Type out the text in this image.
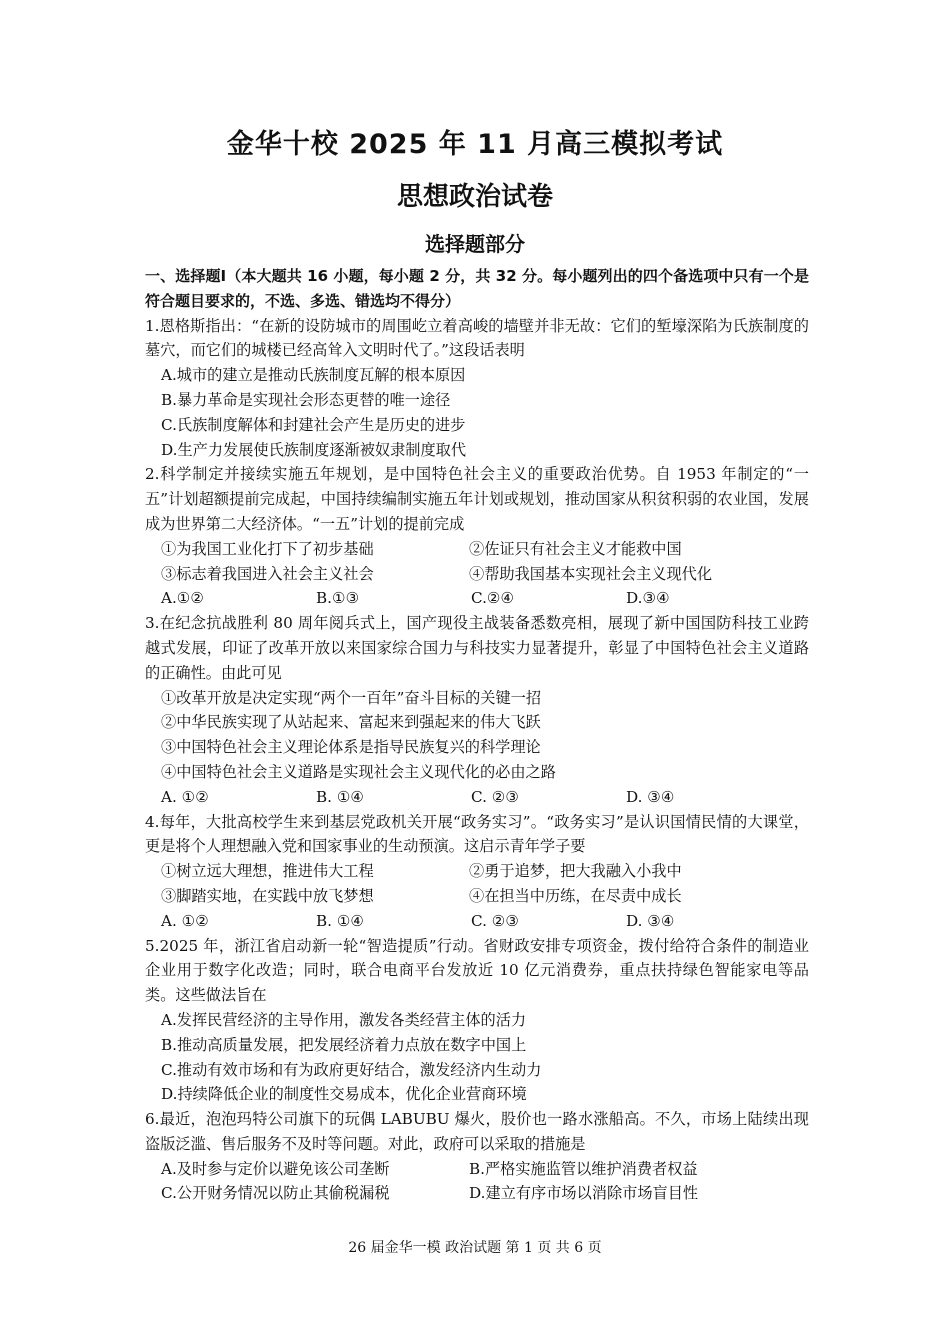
金华十校 2025 年 11 月高三模拟考试
思想政治试卷
选择题部分

一、选择题Ⅰ（本大题共 16 小题，每小题 2 分，共 32 分。每小题列出的四个备选项中只有一个是符合题目要求的，不选、多选、错选均不得分）

1.恩格斯指出：“在新的设防城市的周围屹立着高峻的墙壁并非无故：它们的堑壕深陷为氏族制度的墓穴，而它们的城楼已经高耸入文明时代了。”这段话表明

A.城市的建立是推动氏族制度瓦解的根本原因
B.暴力革命是实现社会形态更替的唯一途径
C.氏族制度解体和封建社会产生是历史的进步
D.生产力发展使氏族制度逐渐被奴隶制度取代

2.科学制定并接续实施五年规划，是中国特色社会主义的重要政治优势。自 1953 年制定的“一五”计划超额提前完成起，中国持续编制实施五年计划或规划，推动国家从积贫积弱的农业国，发展成为世界第二大经济体。“一五”计划的提前完成

①为我国工业化打下了初步基础	②佐证只有社会主义才能救中国
③标志着我国进入社会主义社会	④帮助我国基本实现社会主义现代化
A.①②	B.①③	C.②④	D.③④

3.在纪念抗战胜利 80 周年阅兵式上，国产现役主战装备悉数亮相，展现了新中国国防科技工业跨越式发展，印证了改革开放以来国家综合国力与科技实力显著提升，彰显了中国特色社会主义道路的正确性。由此可见

①改革开放是决定实现“两个一百年”奋斗目标的关键一招
②中华民族实现了从站起来、富起来到强起来的伟大飞跃
③中国特色社会主义理论体系是指导民族复兴的科学理论
④中国特色社会主义道路是实现社会主义现代化的必由之路
A. ①②	B. ①④	C. ②③	D. ③④

4.每年，大批高校学生来到基层党政机关开展“政务实习”。“政务实习”是认识国情民情的大课堂，更是将个人理想融入党和国家事业的生动预演。这启示青年学子要

①树立远大理想，推进伟大工程	②勇于追梦，把大我融入小我中
③脚踏实地，在实践中放飞梦想	④在担当中历练，在尽责中成长
A. ①②	B. ①④	C. ②③	D. ③④

5.2025 年，浙江省启动新一轮“智造提质”行动。省财政安排专项资金，拨付给符合条件的制造业企业用于数字化改造；同时，联合电商平台发放近 10 亿元消费券，重点扶持绿色智能家电等品类。这些做法旨在

A.发挥民营经济的主导作用，激发各类经营主体的活力
B.推动高质量发展，把发展经济着力点放在数字中国上
C.推动有效市场和有为政府更好结合，激发经济内生动力
D.持续降低企业的制度性交易成本，优化企业营商环境

6.最近，泡泡玛特公司旗下的玩偶 LABUBU 爆火，股价也一路水涨船高。不久，市场上陆续出现盗版泛滥、售后服务不及时等问题。对此，政府可以采取的措施是

A.及时参与定价以避免该公司垄断	B.严格实施监管以维护消费者权益
C.公开财务情况以防止其偷税漏税	D.建立有序市场以消除市场盲目性
26 届金华一模 政治试题 第 1 页 共 6 页
